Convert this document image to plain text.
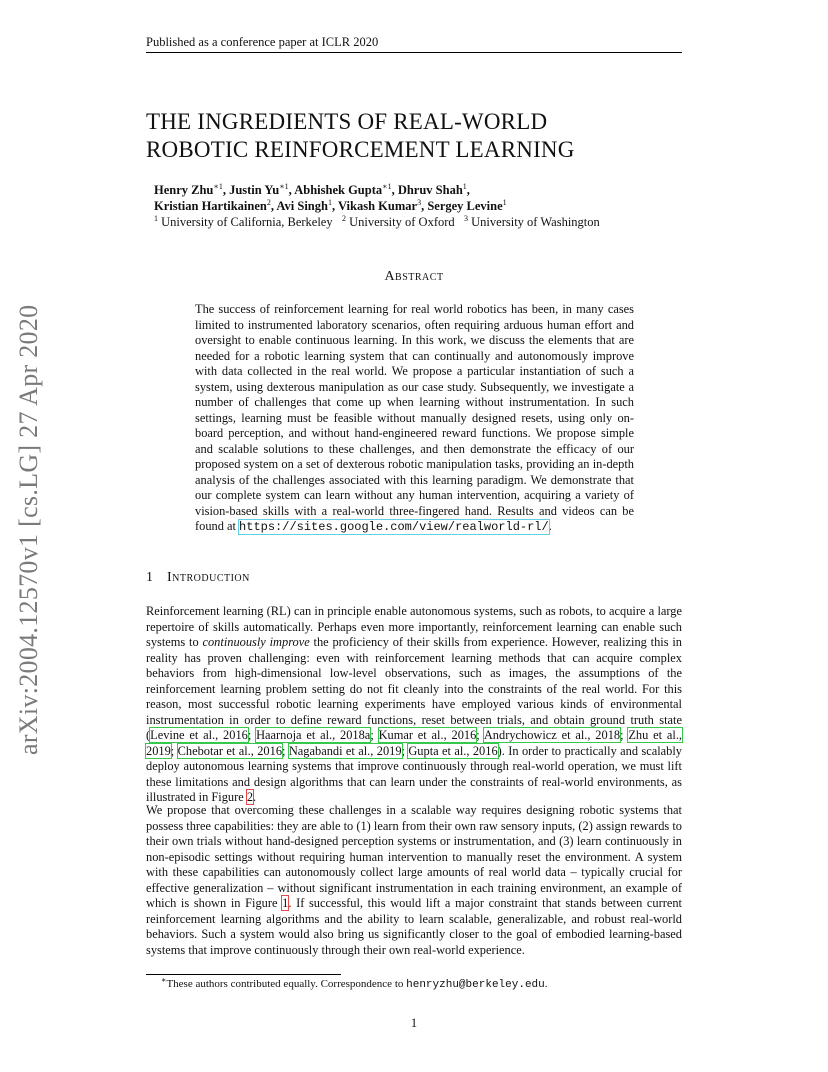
Published as a conference paper at ICLR 2020
arXiv:2004.12570v1 [cs.LG] 27 Apr 2020
THE INGREDIENTS OF REAL-WORLD
ROBOTIC REINFORCEMENT LEARNING
Henry Zhu$^{∗1}$, Justin $Yu^{∗1}$, Abhishek Gupta$^{∗1}$, Dhruv Shah$^1$,
Kristian Hartikainen$^2$, Avi Singh$^1$, Vikash Kumar$^3$, Sergey Levine$^1$
$^1$ University of California, Berkeley $^2$ University of Oxford $^3$ University of Washington
Abstract
The success of reinforcement learning for real world robotics has been, in many cases limited to instrumented laboratory scenarios, often requiring arduous human effort and oversight to enable continuous learning. In this work, we discuss the elements that are needed for a robotic learning system that can continually and autonomously improve with data collected in the real world. We propose a particular instantiation of such a system, using dexterous manipulation as our case study. Subsequently, we investigate a number of challenges that come up when learning without instrumentation. In such settings, learning must be feasible without manually designed resets, using only on-board perception, and without hand-engineered reward functions. We propose simple and scalable solutions to these challenges, and then demonstrate the efficacy of our proposed system on a set of dexterous robotic manipulation tasks, providing an in-depth analysis of the challenges associated with this learning paradigm. We demonstrate that our complete system can learn without any human intervention, acquiring a variety of vision-based skills with a real-world three-fingered hand. Results and videos can be found at https://sites.google.com/view/realworld-rl/.
1 Introduction
Reinforcement learning (RL) can in principle enable autonomous systems, such as robots, to acquire a large repertoire of skills automatically. Perhaps even more importantly, reinforcement learning can enable such systems to continuously improve the proficiency of their skills from experience. However, realizing this in reality has proven challenging: even with reinforcement learning methods that can acquire complex behaviors from high-dimensional low-level observations, such as images, the assumptions of the reinforcement learning problem setting do not fit cleanly into the constraints of the real world. For this reason, most successful robotic learning experiments have employed various kinds of environmental instrumentation in order to define reward functions, reset between trials, and obtain ground truth state (Levine et al., 2016; Haarnoja et al., 2018a; Kumar et al., 2016; Andrychowicz et al., 2018; Zhu et al., 2019; Chebotar et al., 2016; Nagabandi et al., 2019; Gupta et al., 2016). In order to practically and scalably deploy autonomous learning systems that improve continuously through real-world operation, we must lift these limitations and design algorithms that can learn under the constraints of real-world environments, as illustrated in Figure 2.
We propose that overcoming these challenges in a scalable way requires designing robotic systems that possess three capabilities: they are able to (1) learn from their own raw sensory inputs, (2) assign rewards to their own trials without hand-designed perception systems or instrumentation, and (3) learn continuously in non-episodic settings without requiring human intervention to manually reset the environment. A system with these capabilities can autonomously collect large amounts of real world data – typically crucial for effective generalization – without significant instrumentation in each training environment, an example of which is shown in Figure 1. If successful, this would lift a major constraint that stands between current reinforcement learning algorithms and the ability to learn scalable, generalizable, and robust real-world behaviors. Such a system would also bring us significantly closer to the goal of embodied learning-based systems that improve continuously through their own real-world experience.
∗These authors contributed equally. Correspondence to henryzhu@berkeley.edu.
1
